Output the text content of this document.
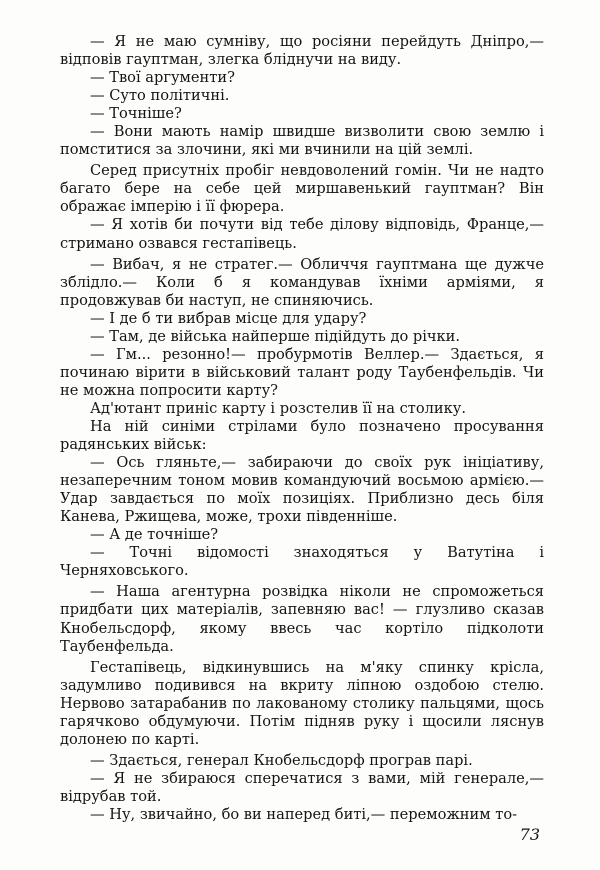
— Я не маю сумніву, що росіяни перейдуть Дніпро,— відповів гауптман, злегка бліднучи на виду.

— Твої аргументи?

— Суто політичні.

— Точніше?

— Вони мають намір швидше визволити свою землю і помститися за злочини, які ми вчинили на цій землі.

Серед присутніх пробіг невдоволений гомін. Чи не надто багато бере на себе цей миршавенький гауптман? Він ображає імперію і її фюрера.

— Я хотів би почути від тебе ділову відповідь, Франце,— стримано озвався гестапівець.

— Вибач, я не стратег.— Обличчя гауптмана ще дужче зблідло.— Коли б я командував їхніми арміями, я продовжував би наступ, не спиняючись.

— І де б ти вибрав місце для удару?

— Там, де війська найперше підійдуть до річки.

— Гм... резонно!— пробурмотів Веллер.— Здається, я починаю вірити в військовий талант роду Таубенфельдів. Чи не можна попросити карту?

Ад'ютант приніс карту і розстелив її на столику.

На ній синіми стрілами було позначено просування радянських військ:

— Ось гляньте,— забираючи до своїх рук ініціативу, незаперечним тоном мовив командуючий восьмою армією.— Удар завдається по моїх позиціях. Приблизно десь біля Канева, Ржищева, може, трохи південніше.

— А де точніше?

— Точні відомості знаходяться у Ватутіна і Черняховського.

— Наша агентурна розвідка ніколи не спроможеться придбати цих матеріалів, запевняю вас! — глузливо сказав Кнобельсдорф, якому ввесь час кортіло підколоти Таубенфельда.

Гестапівець, відкинувшись на м'яку спинку крісла, задумливо подивився на вкриту ліпною оздобою стелю. Нервово затарабанив по лакованому столику пальцями, щось гарячково обдумуючи. Потім підняв руку і щосили ляснув долонею по карті.

— Здається, генерал Кнобельсдорф програв парі.

— Я не збираюся сперечатися з вами, мій генерале,— відрубав той.

— Ну, звичайно, бо ви наперед биті,— переможним то-

73
